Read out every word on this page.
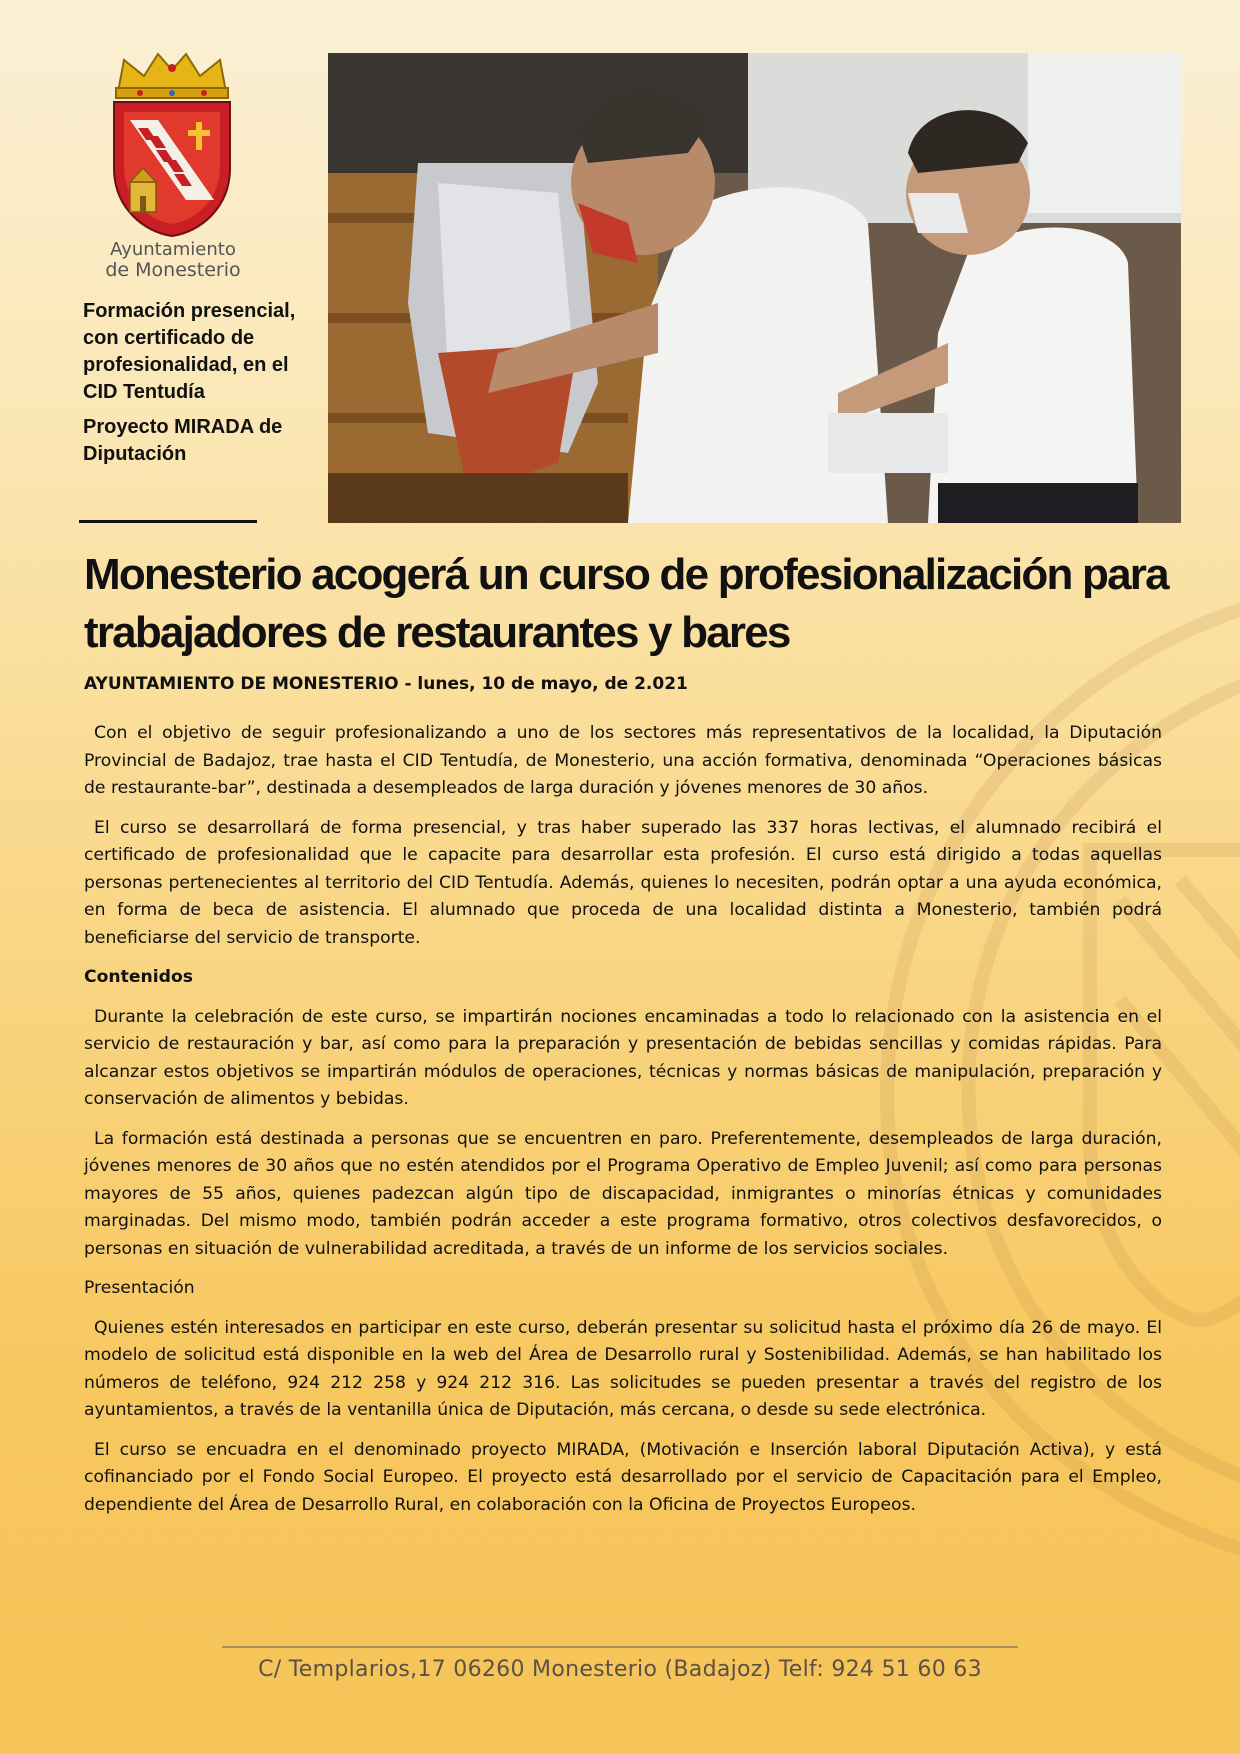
Ayuntamiento
de Monesterio

Formación presencial, con certificado de profesionalidad, en el CID Tentudía

Proyecto MIRADA de Diputación

Monesterio acogerá un curso de profesionalización para trabajadores de restaurantes y bares

AYUNTAMIENTO DE MONESTERIO - lunes, 10 de mayo, de 2.021

Con el objetivo de seguir profesionalizando a uno de los sectores más representativos de la localidad, la Diputación Provincial de Badajoz, trae hasta el CID Tentudía, de Monesterio, una acción formativa, denominada “Operaciones básicas de restaurante-bar”, destinada a desempleados de larga duración y jóvenes menores de 30 años.

El curso se desarrollará de forma presencial, y tras haber superado las 337 horas lectivas, el alumnado recibirá el certificado de profesionalidad que le capacite para desarrollar esta profesión. El curso está dirigido a todas aquellas personas pertenecientes al territorio del CID Tentudía. Además, quienes lo necesiten, podrán optar a una ayuda económica, en forma de beca de asistencia. El alumnado que proceda de una localidad distinta a Monesterio, también podrá beneficiarse del servicio de transporte.

Contenidos

Durante la celebración de este curso, se impartirán nociones encaminadas a todo lo relacionado con la asistencia en el servicio de restauración y bar, así como para la preparación y presentación de bebidas sencillas y comidas rápidas. Para alcanzar estos objetivos se impartirán módulos de operaciones, técnicas y normas básicas de manipulación, preparación y conservación de alimentos y bebidas.

La formación está destinada a personas que se encuentren en paro. Preferentemente, desempleados de larga duración, jóvenes menores de 30 años que no estén atendidos por el Programa Operativo de Empleo Juvenil; así como para personas mayores de 55 años, quienes padezcan algún tipo de discapacidad, inmigrantes o minorías étnicas y comunidades marginadas. Del mismo modo, también podrán acceder a este programa formativo, otros colectivos desfavorecidos, o personas en situación de vulnerabilidad acreditada, a través de un informe de los servicios sociales.

Presentación

Quienes estén interesados en participar en este curso, deberán presentar su solicitud hasta el próximo día 26 de mayo. El modelo de solicitud está disponible en la web del Área de Desarrollo rural y Sostenibilidad. Además, se han habilitado los números de teléfono, 924 212 258 y 924 212 316. Las solicitudes se pueden presentar a través del registro de los ayuntamientos, a través de la ventanilla única de Diputación, más cercana, o desde su sede electrónica.

El curso se encuadra en el denominado proyecto MIRADA, (Motivación e Inserción laboral Diputación Activa), y está cofinanciado por el Fondo Social Europeo. El proyecto está desarrollado por el servicio de Capacitación para el Empleo, dependiente del Área de Desarrollo Rural, en colaboración con la Oficina de Proyectos Europeos.

C/ Templarios,17 06260 Monesterio (Badajoz) Telf: 924 51 60 63
